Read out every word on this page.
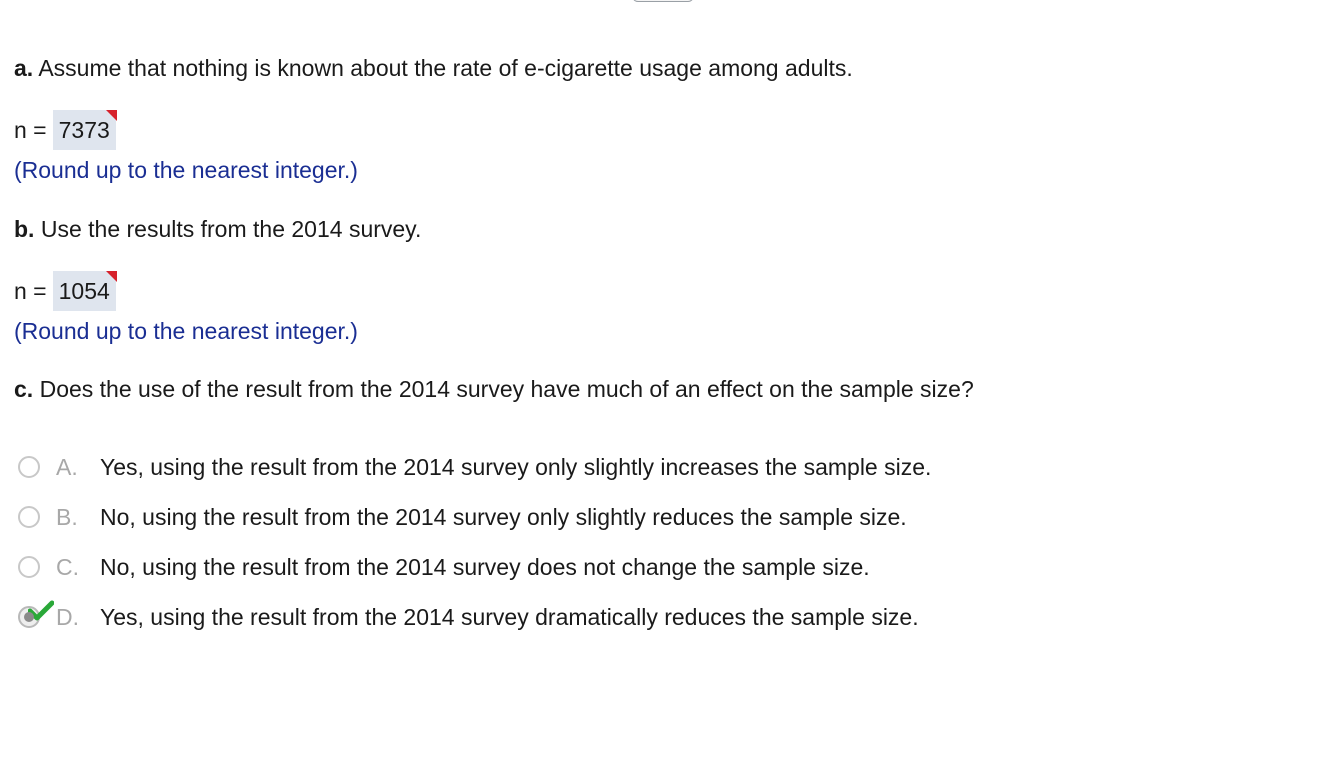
a. Assume that nothing is known about the rate of e-cigarette usage among adults.
n = 7373
(Round up to the nearest integer.)
b. Use the results from the 2014 survey.
n = 1054
(Round up to the nearest integer.)
c. Does the use of the result from the 2014 survey have much of an effect on the sample size?
A. Yes, using the result from the 2014 survey only slightly increases the sample size.
B. No, using the result from the 2014 survey only slightly reduces the sample size.
C. No, using the result from the 2014 survey does not change the sample size.
D. Yes, using the result from the 2014 survey dramatically reduces the sample size.
